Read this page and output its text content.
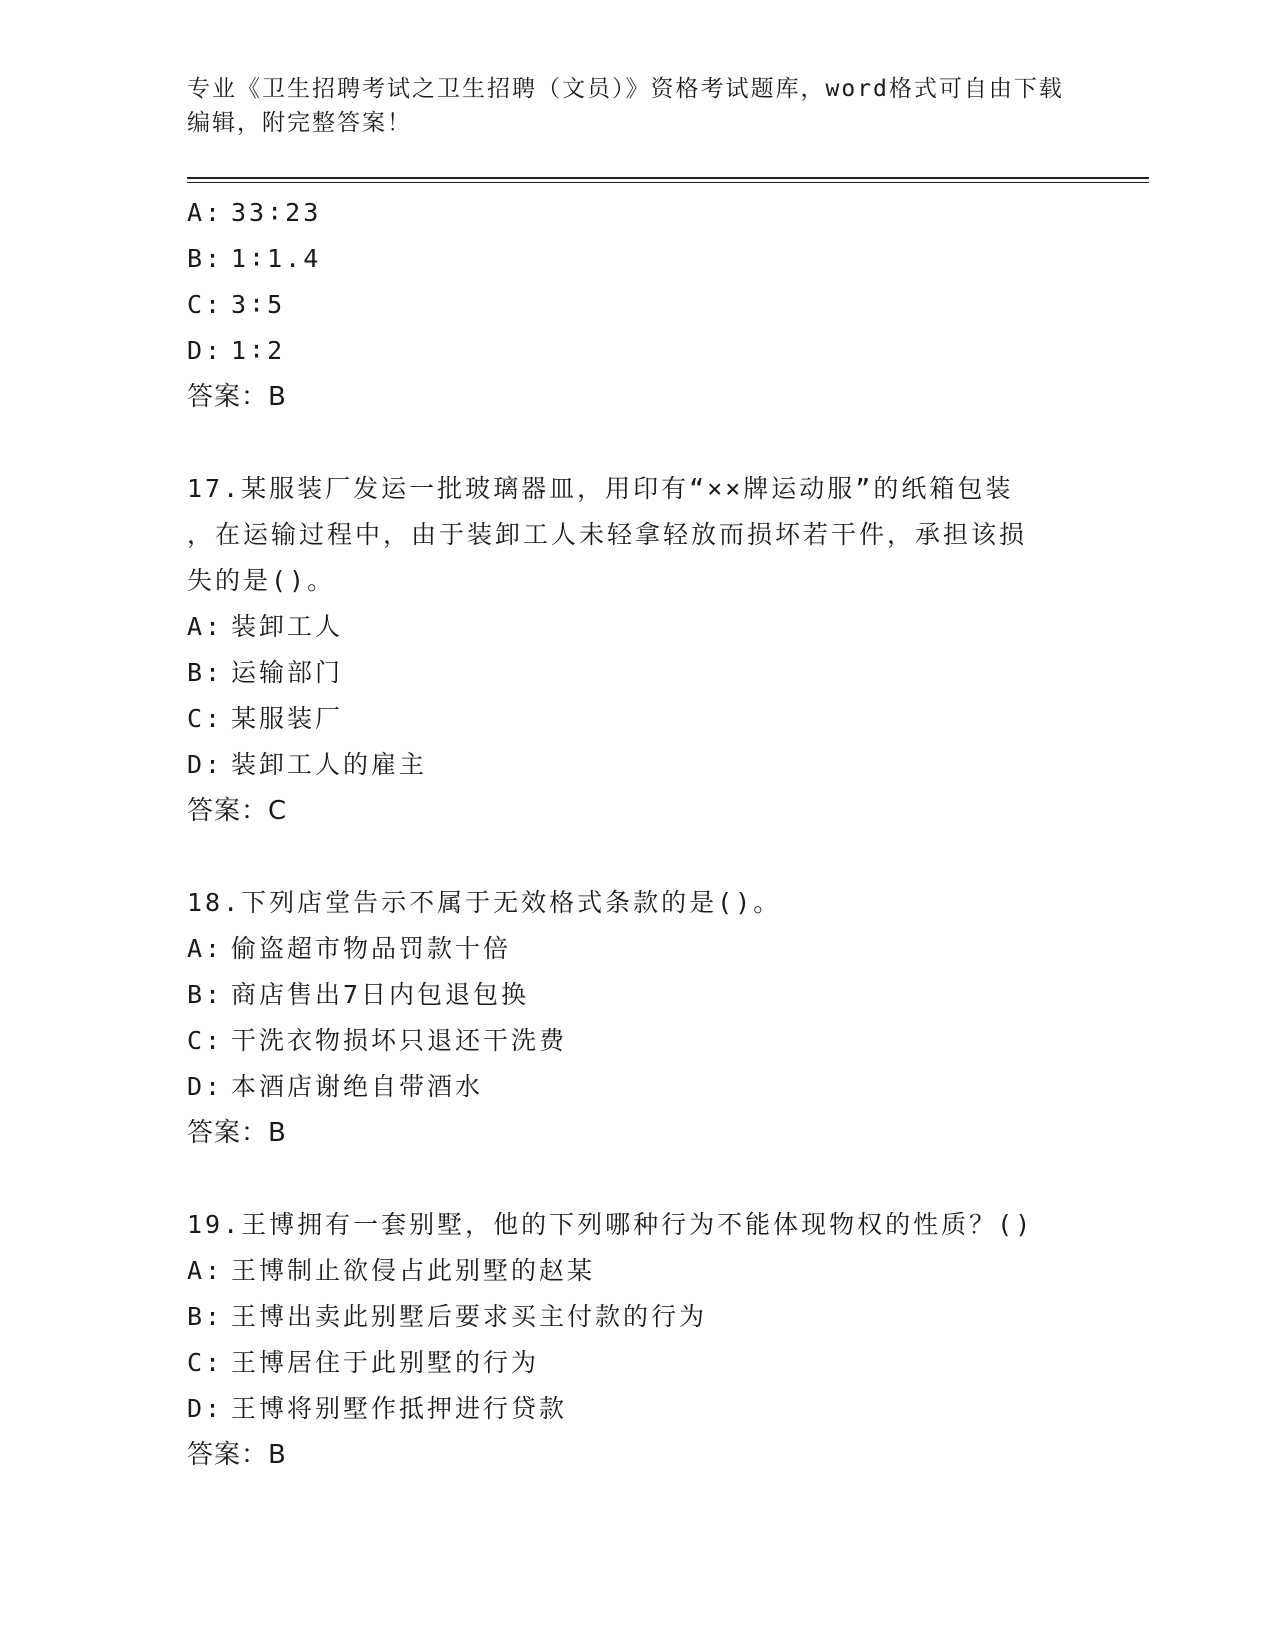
专业《卫生招聘考试之卫生招聘（文员）》资格考试题库，word格式可自由下载
编辑，附完整答案！
A: 33∶23
B: 1∶1.4
C: 3∶5
D: 1∶2
答案：B
17.某服装厂发运一批玻璃器皿，用印有“××牌运动服”的纸箱包装
，在运输过程中，由于装卸工人未轻拿轻放而损坏若干件，承担该损
失的是()。
A: 装卸工人
B: 运输部门
C: 某服装厂
D: 装卸工人的雇主
答案：C
18.下列店堂告示不属于无效格式条款的是()。
A: 偷盗超市物品罚款十倍
B: 商店售出7日内包退包换
C: 干洗衣物损坏只退还干洗费
D: 本酒店谢绝自带酒水
答案：B
19.王博拥有一套别墅，他的下列哪种行为不能体现物权的性质？()
A: 王博制止欲侵占此别墅的赵某
B: 王博出卖此别墅后要求买主付款的行为
C: 王博居住于此别墅的行为
D: 王博将别墅作抵押进行贷款
答案：B
